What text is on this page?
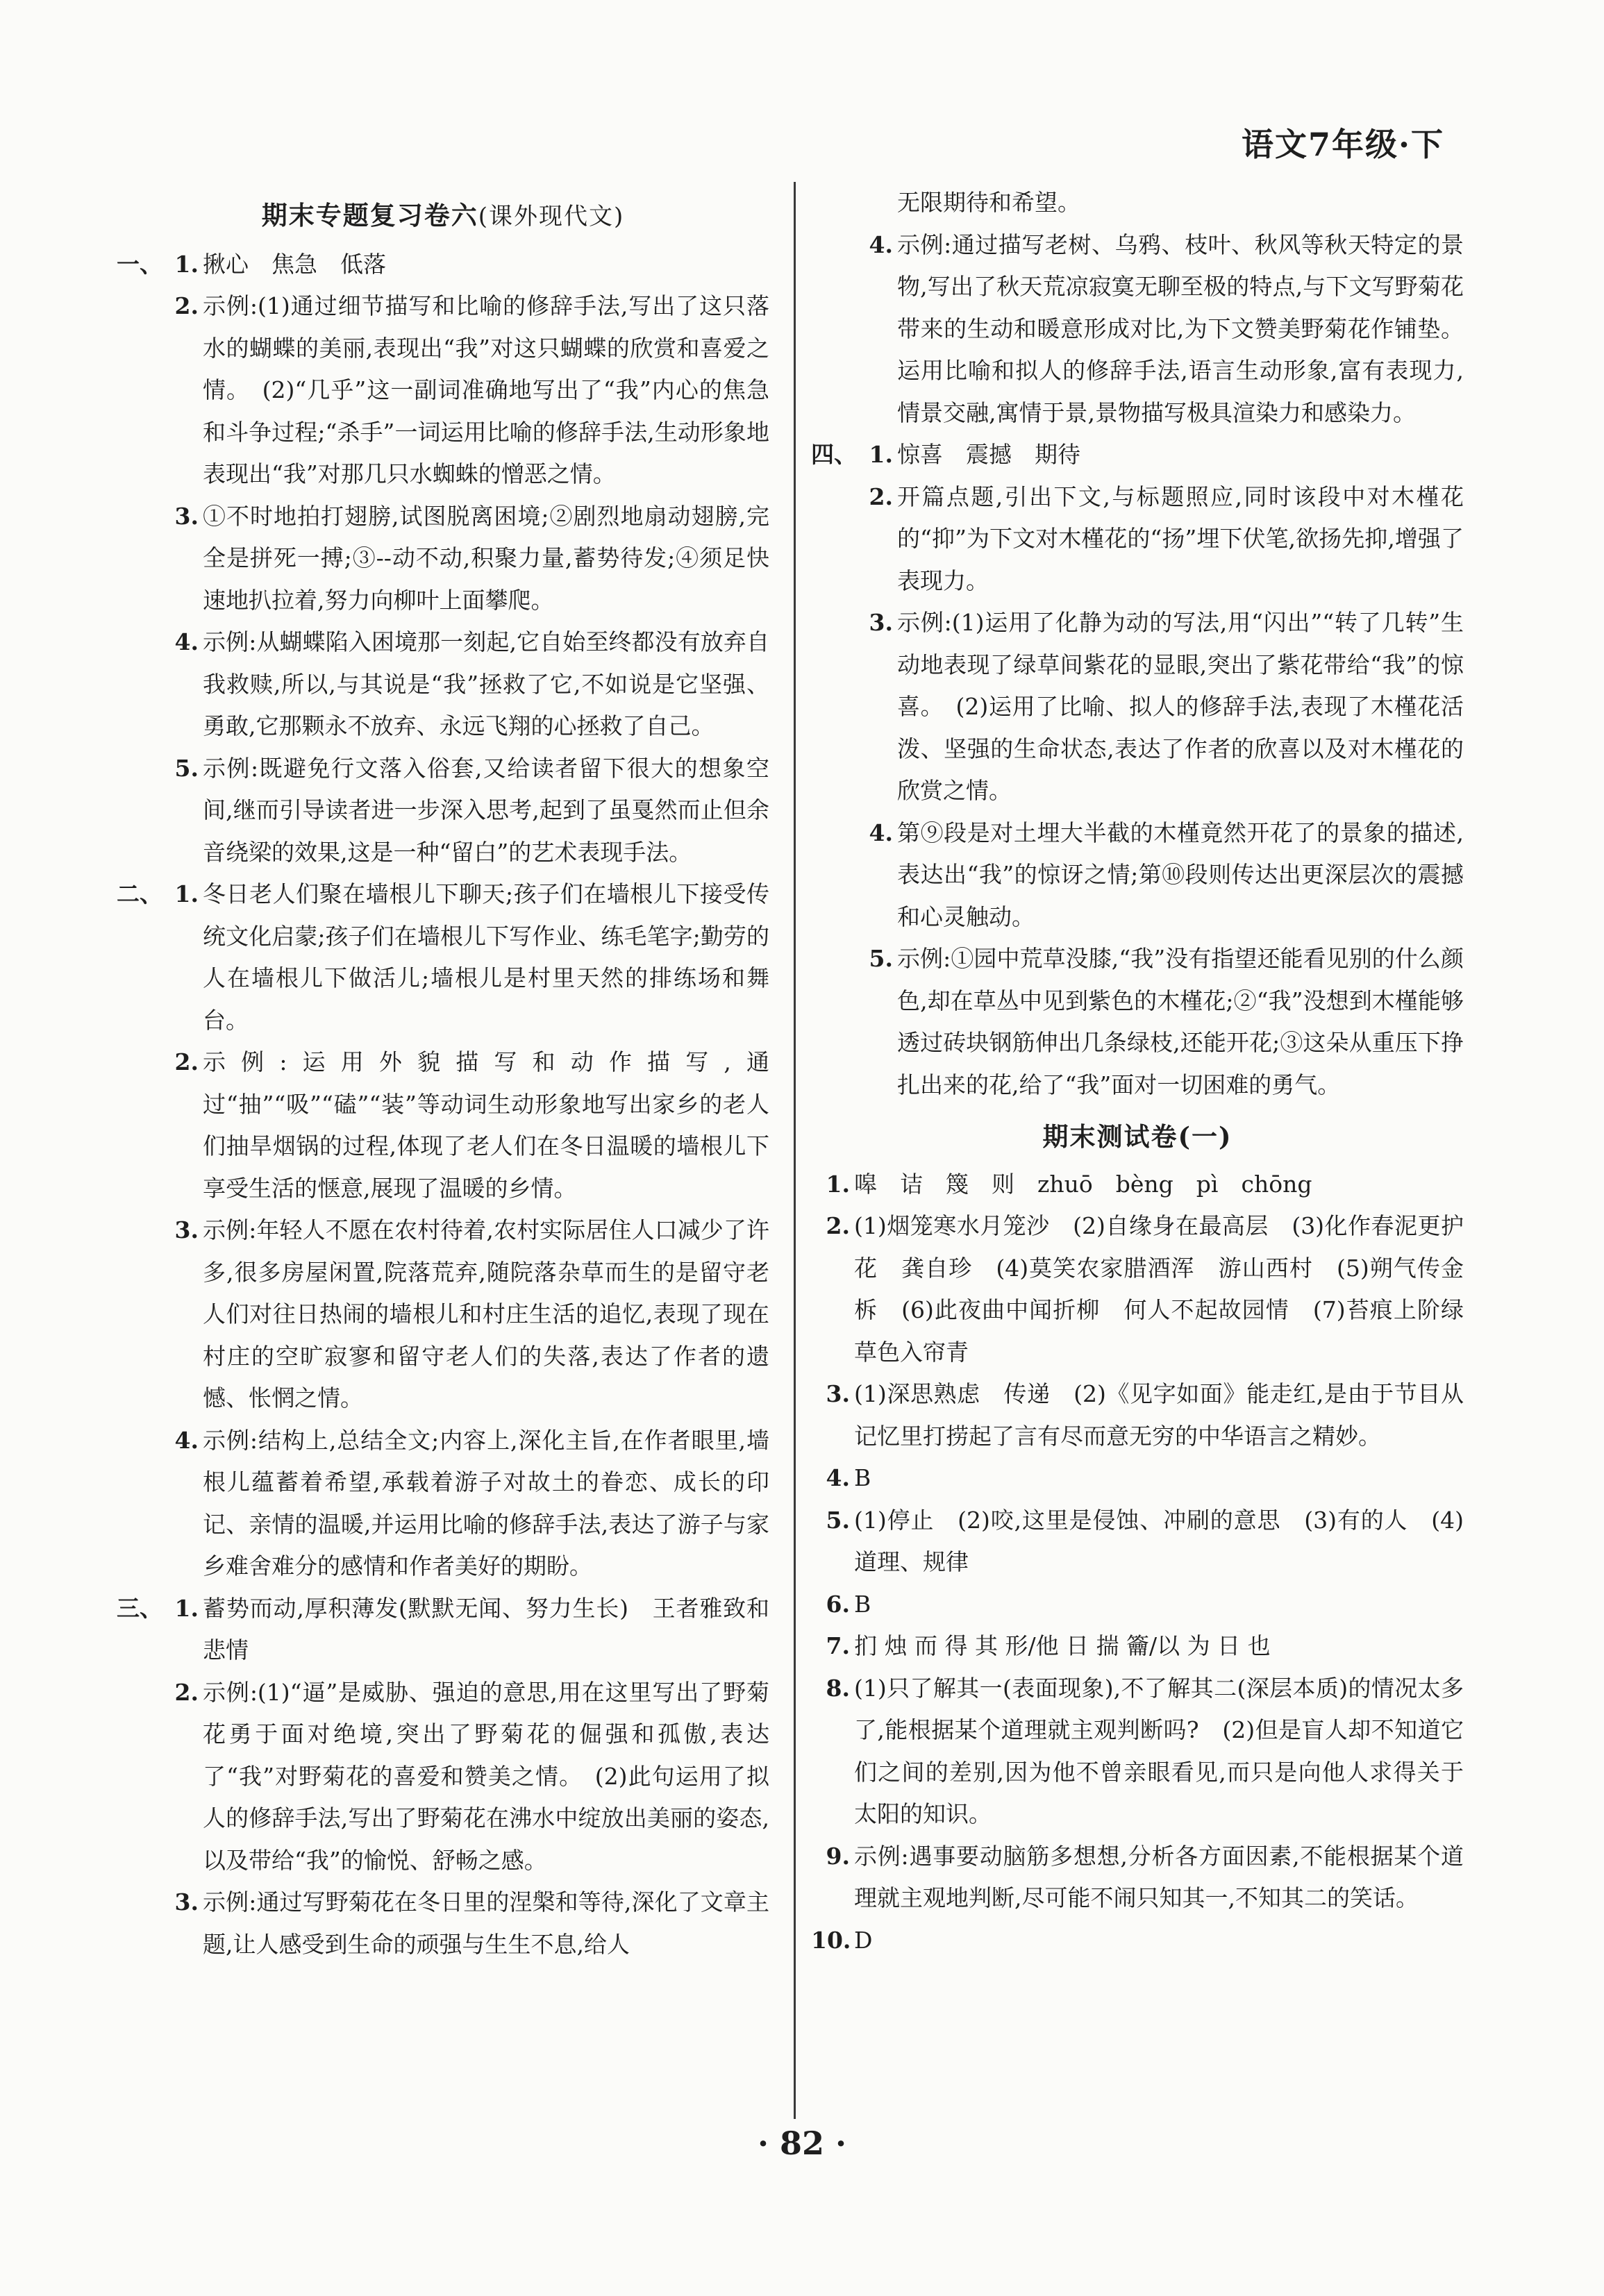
语文7年级·下
期末专题复习卷六(课外现代文)
一、 1. 揪心　焦急　低落
2. 示例:(1)通过细节描写和比喻的修辞手法,写出了这只落水的蝴蝶的美丽,表现出“我”对这只蝴蝶的欣赏和喜爱之情。　(2)“几乎”这一副词准确地写出了“我”内心的焦急和斗争过程;“杀手”一词运用比喻的修辞手法,生动形象地表现出“我”对那几只水蜘蛛的憎恶之情。
3. ①不时地拍打翅膀,试图脱离困境;②剧烈地扇动翅膀,完全是拼死一搏;③--动不动,积聚力量,蓄势待发;④须足快速地扒拉着,努力向柳叶上面攀爬。
4. 示例:从蝴蝶陷入困境那一刻起,它自始至终都没有放弃自我救赎,所以,与其说是“我”拯救了它,不如说是它坚强、勇敢,它那颗永不放弃、永远飞翔的心拯救了自己。
5. 示例:既避免行文落入俗套,又给读者留下很大的想象空间,继而引导读者进一步深入思考,起到了虽戛然而止但余音绕梁的效果,这是一种“留白”的艺术表现手法。
二、 1. 冬日老人们聚在墙根儿下聊天;孩子们在墙根儿下接受传统文化启蒙;孩子们在墙根儿下写作业、练毛笔字;勤劳的人在墙根儿下做活儿;墙根儿是村里天然的排练场和舞台。
2. 示例:运用外貌描写和动作描写,通过“抽”“吸”“磕”“装”等动词生动形象地写出家乡的老人们抽旱烟锅的过程,体现了老人们在冬日温暖的墙根儿下享受生活的惬意,展现了温暖的乡情。
3. 示例:年轻人不愿在农村待着,农村实际居住人口减少了许多,很多房屋闲置,院落荒弃,随院落杂草而生的是留守老人们对往日热闹的墙根儿和村庄生活的追忆,表现了现在村庄的空旷寂寥和留守老人们的失落,表达了作者的遗憾、怅惘之情。
4. 示例:结构上,总结全文;内容上,深化主旨,在作者眼里,墙根儿蕴蓄着希望,承载着游子对故土的眷恋、成长的印记、亲情的温暖,并运用比喻的修辞手法,表达了游子与家乡难舍难分的感情和作者美好的期盼。
三、 1. 蓄势而动,厚积薄发(默默无闻、努力生长)　王者雅致和悲情
2. 示例:(1)“逼”是威胁、强迫的意思,用在这里写出了野菊花勇于面对绝境,突出了野菊花的倔强和孤傲,表达了“我”对野菊花的喜爱和赞美之情。　(2)此句运用了拟人的修辞手法,写出了野菊花在沸水中绽放出美丽的姿态,以及带给“我”的愉悦、舒畅之感。
3. 示例:通过写野菊花在冬日里的涅槃和等待,深化了文章主题,让人感受到生命的顽强与生生不息,给人
无限期待和希望。
4. 示例:通过描写老树、乌鸦、枝叶、秋风等秋天特定的景物,写出了秋天荒凉寂寞无聊至极的特点,与下文写野菊花带来的生动和暖意形成对比,为下文赞美野菊花作铺垫。运用比喻和拟人的修辞手法,语言生动形象,富有表现力,情景交融,寓情于景,景物描写极具渲染力和感染力。
四、 1. 惊喜　震撼　期待
2. 开篇点题,引出下文,与标题照应,同时该段中对木槿花的“抑”为下文对木槿花的“扬”埋下伏笔,欲扬先抑,增强了表现力。
3. 示例:(1)运用了化静为动的写法,用“闪出”“转了几转”生动地表现了绿草间紫花的显眼,突出了紫花带给“我”的惊喜。　(2)运用了比喻、拟人的修辞手法,表现了木槿花活泼、坚强的生命状态,表达了作者的欣喜以及对木槿花的欣赏之情。
4. 第⑨段是对土埋大半截的木槿竟然开花了的景象的描述,表达出“我”的惊讶之情;第⑩段则传达出更深层次的震撼和心灵触动。
5. 示例:①园中荒草没膝,“我”没有指望还能看见别的什么颜色,却在草丛中见到紫色的木槿花;②“我”没想到木槿能够透过砖块钢筋伸出几条绿枝,还能开花;③这朵从重压下挣扎出来的花,给了“我”面对一切困难的勇气。
期末测试卷(一)
1. 嗥　诘　篾　则　zhuō　bèng　pì　chōng
2. (1)烟笼寒水月笼沙　(2)自缘身在最高层　(3)化作春泥更护花　龚自珍　(4)莫笑农家腊酒浑　游山西村　(5)朔气传金柝　(6)此夜曲中闻折柳　何人不起故园情　(7)苔痕上阶绿　草色入帘青
3. (1)深思熟虑　传递　(2)《见字如面》能走红,是由于节目从记忆里打捞起了言有尽而意无穷的中华语言之精妙。
4. B
5. (1)停止　(2)咬,这里是侵蚀、冲刷的意思　(3)有的人　(4)道理、规律
6. B
7. 扪 烛 而 得 其 形/他 日 揣 籥/以 为 日 也
8. (1)只了解其一(表面现象),不了解其二(深层本质)的情况太多了,能根据某个道理就主观判断吗?　(2)但是盲人却不知道它们之间的差别,因为他不曾亲眼看见,而只是向他人求得关于太阳的知识。
9. 示例:遇事要动脑筋多想想,分析各方面因素,不能根据某个道理就主观地判断,尽可能不闹只知其一,不知其二的笑话。
10. D
· 82 ·
